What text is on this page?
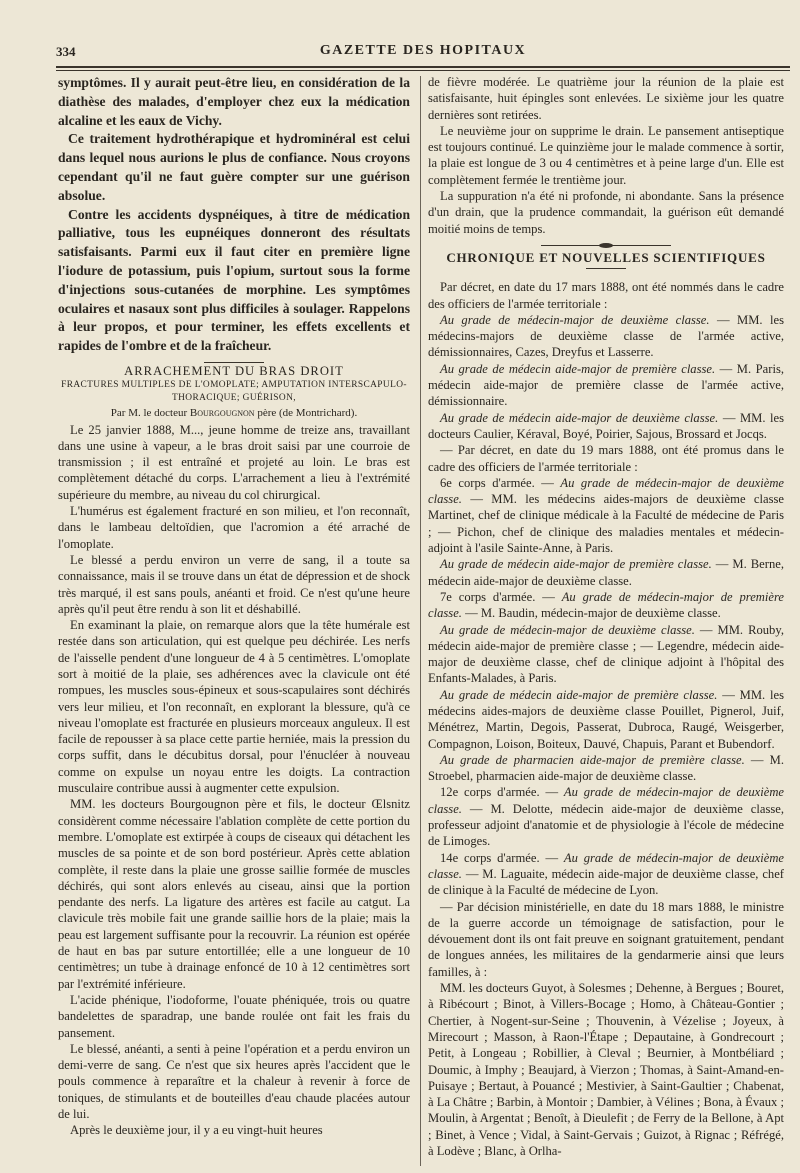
334	GAZETTE DES HOPITAUX

symptômes. Il y aurait peut-être lieu, en considération de la diathèse des malades, d'employer chez eux la médication alcaline et les eaux de Vichy.

Ce traitement hydrothérapique et hydrominéral est celui dans lequel nous aurions le plus de confiance. Nous croyons cependant qu'il ne faut guère compter sur une guérison absolue.

Contre les accidents dyspnéiques, à titre de médication palliative, tous les eupnéiques donneront des résultats satisfaisants. Parmi eux il faut citer en première ligne l'iodure de potassium, puis l'opium, surtout sous la forme d'injections sous-cutanées de morphine. Les symptômes oculaires et nasaux sont plus difficiles à soulager. Rappelons à leur propos, et pour terminer, les effets excellents et rapides de l'ombre et de la fraîcheur.

ARRACHEMENT DU BRAS DROIT

FRACTURES MULTIPLES DE L'OMOPLATE; AMPUTATION INTERSCAPULO-

THORACIQUE; GUÉRISON,

Par M. le docteur Bourgougnon père (de Montrichard).

Le 25 janvier 1888, M..., jeune homme de treize ans, travaillant dans une usine à vapeur, a le bras droit saisi par une courroie de transmission ; il est entraîné et projeté au loin. Le bras est complètement détaché du corps. L'arrachement a lieu à l'extrémité supérieure du membre, au niveau du col chirurgical.

L'humérus est également fracturé en son milieu, et l'on reconnaît, dans le lambeau deltoïdien, que l'acromion a été arraché de l'omoplate.

Le blessé a perdu environ un verre de sang, il a toute sa connaissance, mais il se trouve dans un état de dépression et de shock très marqué, il est sans pouls, anéanti et froid. Ce n'est qu'une heure après qu'il peut être rendu à son lit et déshabillé.

En examinant la plaie, on remarque alors que la tête humérale est restée dans son articulation, qui est quelque peu déchirée. Les nerfs de l'aisselle pendent d'une longueur de 4 à 5 centimètres. L'omoplate sort à moitié de la plaie, ses adhérences avec la clavicule ont été rompues, les muscles sous-épineux et sous-scapulaires sont déchirés vers leur milieu, et l'on reconnaît, en explorant la blessure, qu'à ce niveau l'omoplate est fracturée en plusieurs morceaux anguleux. Il est facile de repousser à sa place cette partie herniée, mais la pression du corps suffit, dans le décubitus dorsal, pour l'énucléer à nouveau comme on expulse un noyau entre les doigts. La contraction musculaire contribue aussi à augmenter cette expulsion.

MM. les docteurs Bourgougnon père et fils, le docteur Œlsnitz considèrent comme nécessaire l'ablation complète de cette portion du membre. L'omoplate est extirpée à coups de ciseaux qui détachent les muscles de sa pointe et de son bord postérieur. Après cette ablation complète, il reste dans la plaie une grosse saillie formée de muscles déchirés, qui sont alors enlevés au ciseau, ainsi que la portion pendante des nerfs. La ligature des artères est facile au catgut. La clavicule très mobile fait une grande saillie hors de la plaie; mais la peau est largement suffisante pour la recouvrir. La réunion est opérée de haut en bas par suture entortillée; elle a une longueur de 10 centimètres; un tube à drainage enfoncé de 10 à 12 centimètres sort par l'extrémité inférieure.

L'acide phénique, l'iodoforme, l'ouate phéniquée, trois ou quatre bandelettes de sparadrap, une bande roulée ont fait les frais du pansement.

Le blessé, anéanti, a senti à peine l'opération et a perdu environ un demi-verre de sang. Ce n'est que six heures après l'accident que le pouls commence à reparaître et la chaleur à revenir à force de toniques, de stimulants et de bouteilles d'eau chaude placées autour de lui.

Après le deuxième jour, il y a eu vingt-huit heures

de fièvre modérée. Le quatrième jour la réunion de la plaie est satisfaisante, huit épingles sont enlevées. Le sixième jour les quatre dernières sont retirées.

Le neuvième jour on supprime le drain. Le pansement antiseptique est toujours continué. Le quinzième jour le malade commence à sortir, la plaie est longue de 3 ou 4 centimètres et à peine large d'un. Elle est complètement fermée le trentième jour.

La suppuration n'a été ni profonde, ni abondante. Sans la présence d'un drain, que la prudence commandait, la guérison eût demandé moitié moins de temps.

CHRONIQUE ET NOUVELLES SCIENTIFIQUES

Par décret, en date du 17 mars 1888, ont été nommés dans le cadre des officiers de l'armée territoriale :

Au grade de médecin-major de deuxième classe. — MM. les médecins-majors de deuxième classe de l'armée active, démissionnaires, Cazes, Dreyfus et Lasserre.

Au grade de médecin aide-major de première classe. — M. Paris, médecin aide-major de première classe de l'armée active, démissionnaire.

Au grade de médecin aide-major de deuxième classe. — MM. les docteurs Caulier, Kéraval, Boyé, Poirier, Sajous, Brossard et Jocqs.

— Par décret, en date du 19 mars 1888, ont été promus dans le cadre des officiers de l'armée territoriale :

6e corps d'armée. — Au grade de médecin-major de deuxième classe. — MM. les médecins aides-majors de deuxième classe Martinet, chef de clinique médicale à la Faculté de médecine de Paris ; — Pichon, chef de clinique des maladies mentales et médecin-adjoint à l'asile Sainte-Anne, à Paris.

Au grade de médecin aide-major de première classe. — M. Berne, médecin aide-major de deuxième classe.

7e corps d'armée. — Au grade de médecin-major de première classe. — M. Baudin, médecin-major de deuxième classe.

Au grade de médecin-major de deuxième classe. — MM. Rouby, médecin aide-major de première classe ; — Legendre, médecin aide-major de deuxième classe, chef de clinique adjoint à l'hôpital des Enfants-Malades, à Paris.

Au grade de médecin aide-major de première classe. — MM. les médecins aides-majors de deuxième classe Pouillet, Pignerol, Juif, Ménétrez, Martin, Degois, Passerat, Dubroca, Raugé, Weisgerber, Compagnon, Loison, Boiteux, Dauvé, Chapuis, Parant et Bubendorf.

Au grade de pharmacien aide-major de première classe. — M. Stroebel, pharmacien aide-major de deuxième classe.

12e corps d'armée. — Au grade de médecin-major de deuxième classe. — M. Delotte, médecin aide-major de deuxième classe, professeur adjoint d'anatomie et de physiologie à l'école de médecine de Limoges.

14e corps d'armée. — Au grade de médecin-major de deuxième classe. — M. Laguaite, médecin aide-major de deuxième classe, chef de clinique à la Faculté de médecine de Lyon.

— Par décision ministérielle, en date du 18 mars 1888, le ministre de la guerre accorde un témoignage de satisfaction, pour le dévouement dont ils ont fait preuve en soignant gratuitement, pendant de longues années, les militaires de la gendarmerie ainsi que leurs familles, à :

MM. les docteurs Guyot, à Solesmes ; Dehenne, à Bergues ; Bouret, à Ribécourt ; Binot, à Villers-Bocage ; Homo, à Château-Gontier ; Chertier, à Nogent-sur-Seine ; Thouvenin, à Vézelise ; Joyeux, à Mirecourt ; Masson, à Raon-l'Étape ; Depautaine, à Gondrecourt ; Petit, à Longeau ; Robillier, à Cleval ; Beurnier, à Montbéliard ; Doumic, à Imphy ; Beaujard, à Vierzon ; Thomas, à Saint-Amand-en-Puisaye ; Bertaut, à Pouancé ; Mestivier, à Saint-Gaultier ; Chabenat, à La Châtre ; Barbin, à Montoir ; Dambier, à Vélines ; Bona, à Évaux ; Moulin, à Argentat ; Benoît, à Dieulefit ; de Ferry de la Bellone, à Apt ; Binet, à Vence ; Vidal, à Saint-Gervais ; Guizot, à Rignac ; Réfrégé, à Lodève ; Blanc, à Orlha-
